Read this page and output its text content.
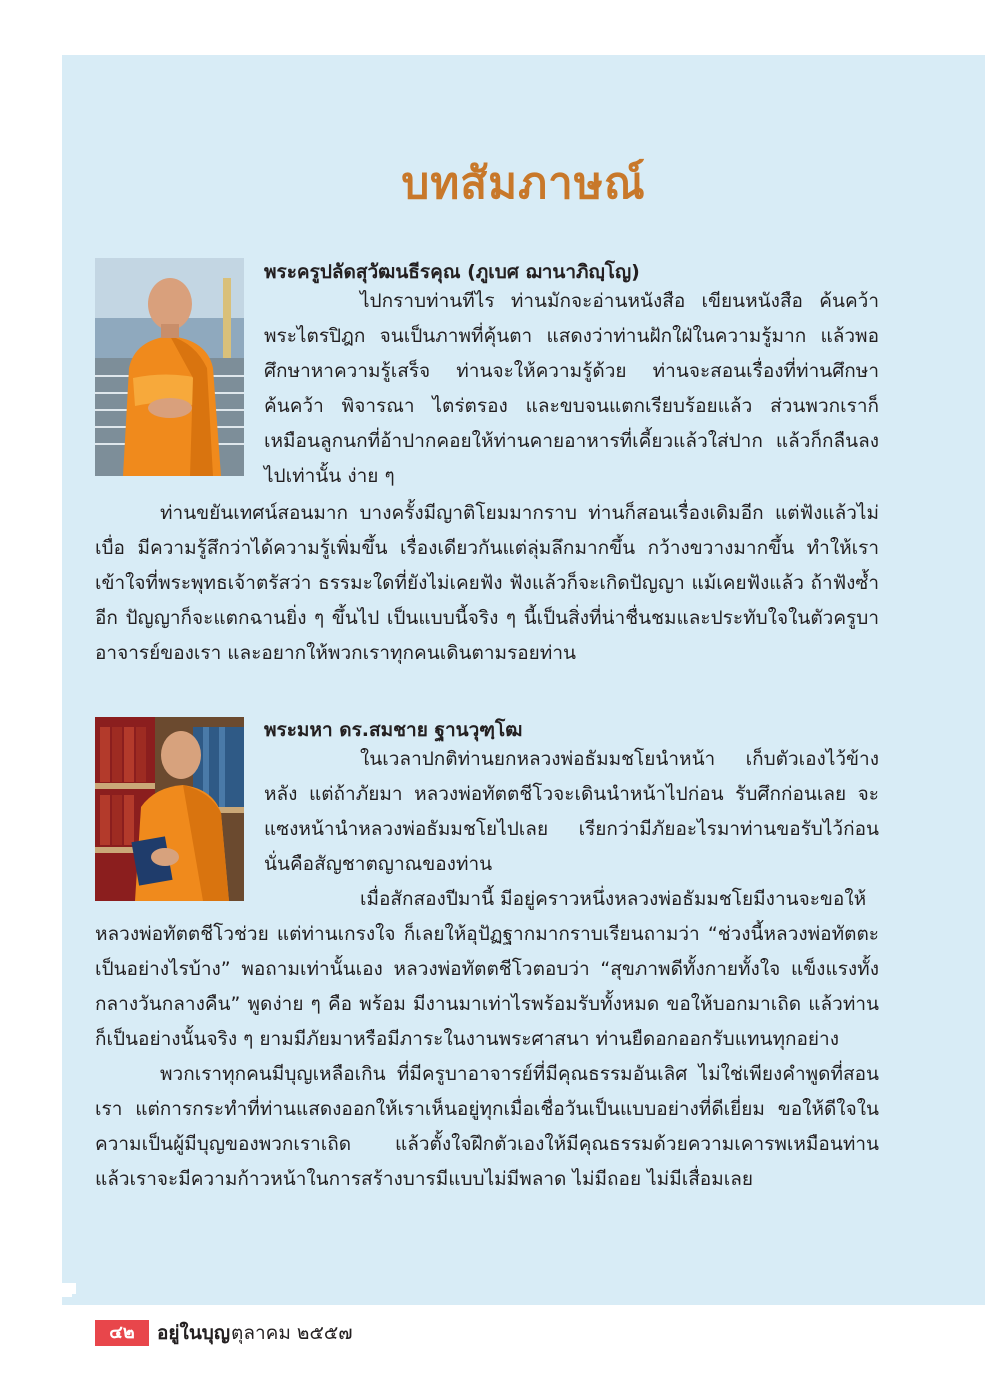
บทสัมภาษณ์
พระครูปลัดสุวัฒนธีรคุณ (ภูเบศ ฌานาภิญฺโญ)

ไปกราบท่านทีไร ท่านมักจะอ่านหนังสือ เขียนหนังสือ ค้นคว้าพระไตรปิฎก จนเป็นภาพที่คุ้นตา แสดงว่าท่านฝักใฝ่ในความรู้มาก แล้วพอศึกษาหาความรู้เสร็จ ท่านจะให้ความรู้ด้วย ท่านจะสอนเรื่องที่ท่านศึกษาค้นคว้า พิจารณา ไตร่ตรอง และขบจนแตกเรียบร้อยแล้ว ส่วนพวกเราก็เหมือนลูกนกที่อ้าปากคอยให้ท่านคายอาหารที่เคี้ยวแล้วใส่ปาก แล้วก็กลืนลงไปเท่านั้น ง่าย ๆ

ท่านขยันเทศน์สอนมาก บางครั้งมีญาติโยมมากราบ ท่านก็สอนเรื่องเดิมอีก แต่ฟังแล้วไม่เบื่อ มีความรู้สึกว่าได้ความรู้เพิ่มขึ้น เรื่องเดียวกันแต่ลุ่มลึกมากขึ้น กว้างขวางมากขึ้น ทำให้เราเข้าใจที่พระพุทธเจ้าตรัสว่า ธรรมะใดที่ยังไม่เคยฟัง ฟังแล้วก็จะเกิดปัญญา แม้เคยฟังแล้ว ถ้าฟังซ้ำอีก ปัญญาก็จะแตกฉานยิ่ง ๆ ขึ้นไป เป็นแบบนี้จริง ๆ นี้เป็นสิ่งที่น่าชื่นชมและประทับใจในตัวครูบาอาจารย์ของเรา และอยากให้พวกเราทุกคนเดินตามรอยท่าน

พระมหา ดร.สมชาย ฐานวุฑฺโฒ

ในเวลาปกติท่านยกหลวงพ่อธัมมชโยนำหน้า เก็บตัวเองไว้ข้างหลัง แต่ถ้าภัยมา หลวงพ่อทัตตชีโวจะเดินนำหน้าไปก่อน รับศึกก่อนเลย จะแซงหน้านำหลวงพ่อธัมมชโยไปเลย เรียกว่ามีภัยอะไรมาท่านขอรับไว้ก่อน นั่นคือสัญชาตญาณของท่าน

เมื่อสักสองปีมานี้ มีอยู่คราวหนึ่งหลวงพ่อธัมมชโยมีงานจะขอให้

หลวงพ่อทัตตชีโวช่วย แต่ท่านเกรงใจ ก็เลยให้อุปัฏฐากมากราบเรียนถามว่า “ช่วงนี้หลวงพ่อทัตตะเป็นอย่างไรบ้าง” พอถามเท่านั้นเอง หลวงพ่อทัตตชีโวตอบว่า “สุขภาพดีทั้งกายทั้งใจ แข็งแรงทั้งกลางวันกลางคืน” พูดง่าย ๆ คือ พร้อม มีงานมาเท่าไรพร้อมรับทั้งหมด ขอให้บอกมาเถิด แล้วท่านก็เป็นอย่างนั้นจริง ๆ ยามมีภัยมาหรือมีภาระในงานพระศาสนา ท่านยืดอกออกรับแทนทุกอย่าง

พวกเราทุกคนมีบุญเหลือเกิน ที่มีครูบาอาจารย์ที่มีคุณธรรมอันเลิศ ไม่ใช่เพียงคำพูดที่สอนเรา แต่การกระทำที่ท่านแสดงออกให้เราเห็นอยู่ทุกเมื่อเชื่อวันเป็นแบบอย่างที่ดีเยี่ยม ขอให้ดีใจในความเป็นผู้มีบุญของพวกเราเถิด แล้วตั้งใจฝึกตัวเองให้มีคุณธรรมด้วยความเคารพเหมือนท่าน แล้วเราจะมีความก้าวหน้าในการสร้างบารมีแบบไม่มีพลาด ไม่มีถอย ไม่มีเสื่อมเลย

๔๒	อยู่ในบุญ ตุลาคม ๒๕๕๗
